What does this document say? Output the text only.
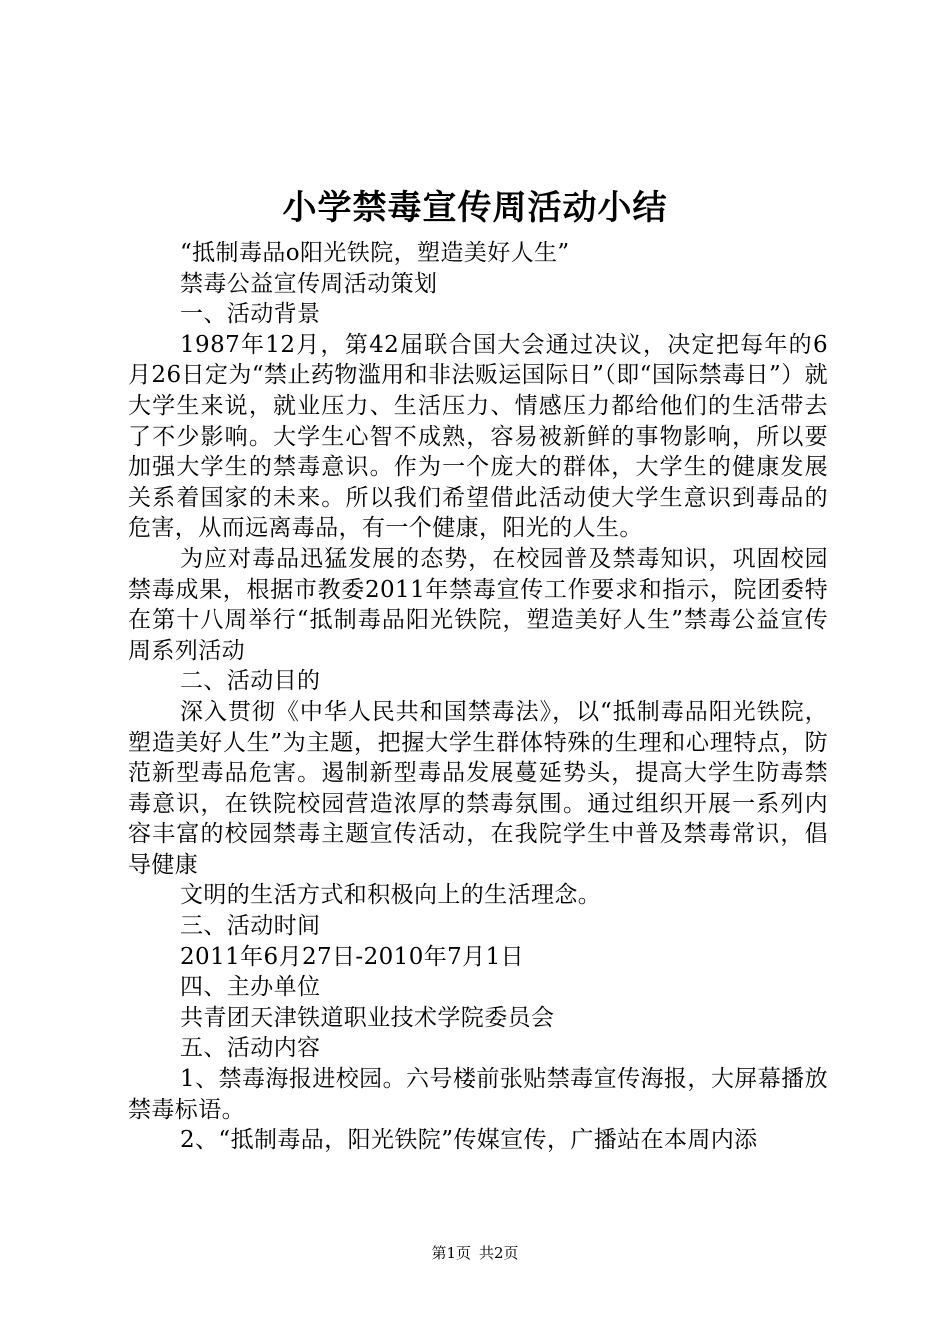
小学禁毒宣传周活动小结

“抵制毒品o阳光铁院，塑造美好人生”

禁毒公益宣传周活动策划

一、活动背景

1987年12月，第42届联合国大会通过决议，决定把每年的6月26日定为“禁止药物滥用和非法贩运国际日”（即“国际禁毒日”）就大学生来说，就业压力、生活压力、情感压力都给他们的生活带去了不少影响。大学生心智不成熟，容易被新鲜的事物影响，所以要加强大学生的禁毒意识。作为一个庞大的群体，大学生的健康发展关系着国家的未来。所以我们希望借此活动使大学生意识到毒品的危害，从而远离毒品，有一个健康，阳光的人生。

为应对毒品迅猛发展的态势，在校园普及禁毒知识，巩固校园禁毒成果，根据市教委2011年禁毒宣传工作要求和指示，院团委特在第十八周举行“抵制毒品阳光铁院，塑造美好人生”禁毒公益宣传周系列活动

二、活动目的

深入贯彻《中华人民共和国禁毒法》，以“抵制毒品阳光铁院，塑造美好人生”为主题，把握大学生群体特殊的生理和心理特点，防范新型毒品危害。遏制新型毒品发展蔓延势头，提高大学生防毒禁毒意识，在铁院校园营造浓厚的禁毒氛围。通过组织开展一系列内容丰富的校园禁毒主题宣传活动，在我院学生中普及禁毒常识，倡导健康

文明的生活方式和积极向上的生活理念。

三、活动时间

2011年6月27日-2010年7月1日

四、主办单位

共青团天津铁道职业技术学院委员会

五、活动内容

1、禁毒海报进校园。六号楼前张贴禁毒宣传海报，大屏幕播放禁毒标语。

2、“抵制毒品，阳光铁院”传媒宣传，广播站在本周内添

第1页 共2页
